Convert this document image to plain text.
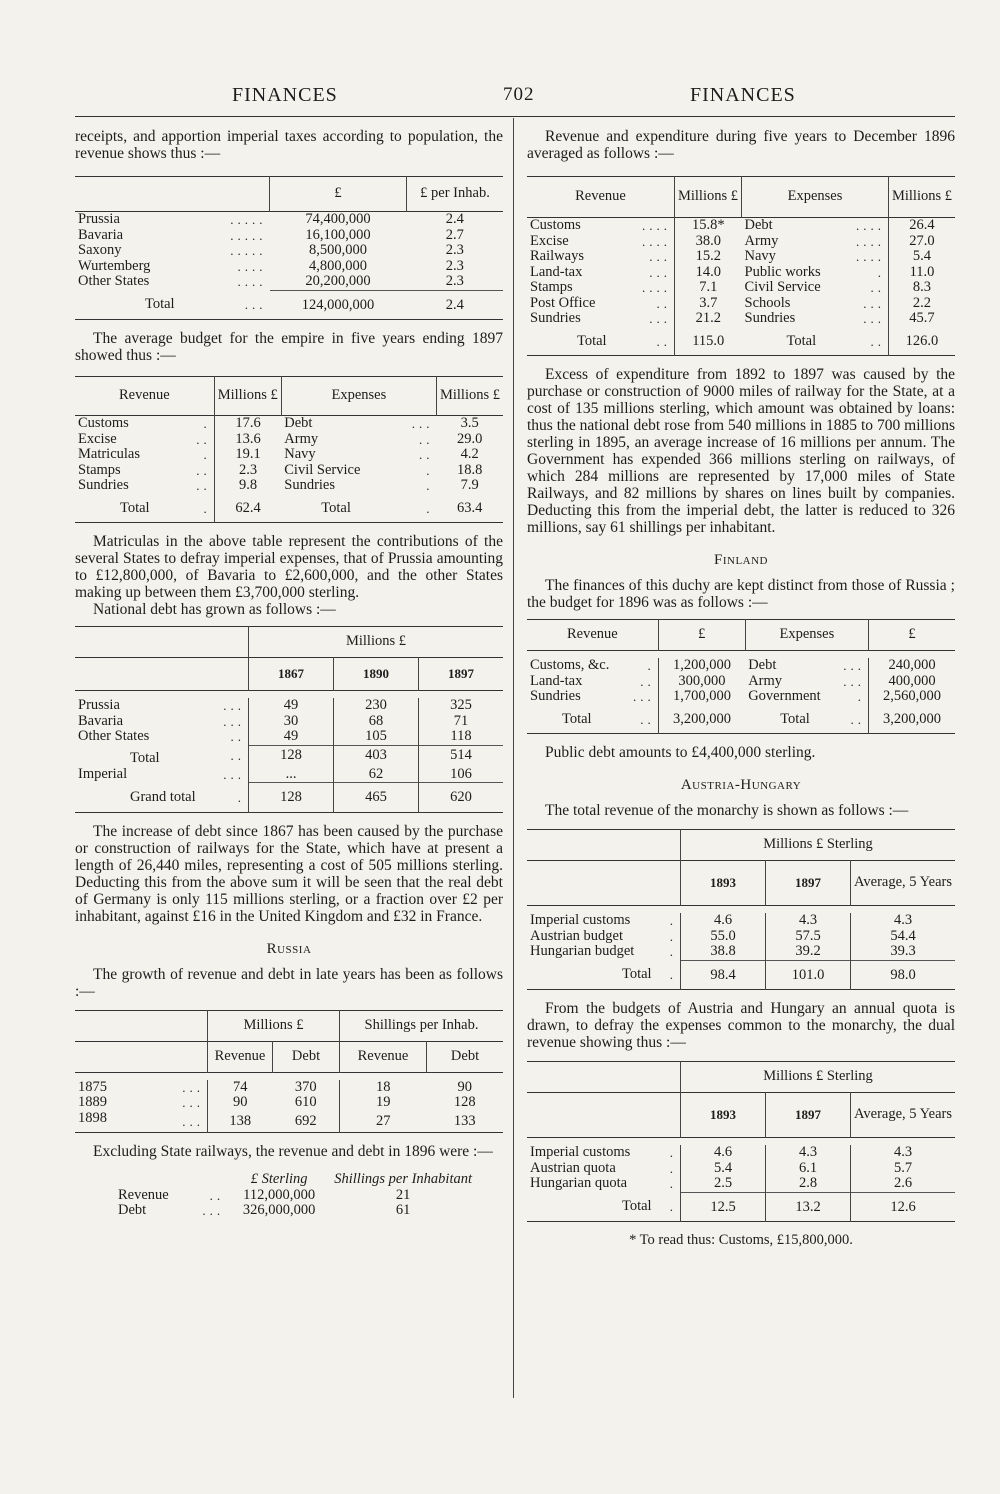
FINANCES	702	FINANCES

receipts, and apportion imperial taxes according to population, the revenue shows thus :—

		£	£ per Inhab.
Prussia	.....	74,400,000	2.4
Bavaria	.....	16,100,000	2.7
Saxony	.....	8,500,000	2.3
Wurtemberg	....	4,800,000	2.3
Other States	....	20,200,000	2.3
Total	...	124,000,000	2.4

The average budget for the empire in five years ending 1897 showed thus :—

Revenue		Millions £	Expenses		Millions £
Customs	.	17.6	Debt	...	3.5
Excise	..	13.6	Army	..	29.0
Matriculas	.	19.1	Navy	..	4.2
Stamps	..	2.3	Civil Service	.	18.8
Sundries	..	9.8	Sundries	.	7.9
Total	.	62.4	Total	.	63.4

Matriculas in the above table represent the contributions of the several States to defray imperial expenses, that of Prussia amounting to £12,800,000, of Bavaria to £2,600,000, and the other States making up between them £3,700,000 sterling.

National debt has grown as follows :—

		Millions £		
		1867	1890	1897

Prussia	...	49	230	325
Bavaria	...	30	68	71
Other States	..	49	105	118
Total	..	128	403	514
Imperial	...	...	62	106
Grand total	.	128	465	620

The increase of debt since 1867 has been caused by the purchase or construction of railways for the State, which have at present a length of 26,440 miles, representing a cost of 505 millions sterling. Deducting this from the above sum it will be seen that the real debt of Germany is only 115 millions sterling, or a fraction over £2 per inhabitant, against £16 in the United Kingdom and £32 in France.

Russia

The growth of revenue and debt in late years has been as follows :—

		Millions £		Shillings per Inhab.	
		Revenue	Debt	Revenue	Debt

1875	...	74	370	18	90
1889	...	90	610	19	128
1898	...	138	692	27	133

Excluding State railways, the revenue and debt in 1896 were :—

		£ Sterling	Shillings per Inhabitant
Revenue	..	112,000,000	21
Debt	...	326,000,000	61

Revenue and expenditure during five years to December 1896 averaged as follows :—

Revenue		Millions £	Expenses		Millions £
Customs	....	15.8*	Debt	....	26.4
Excise	....	38.0	Army	....	27.0
Railways	...	15.2	Navy	....	5.4
Land-tax	...	14.0	Public works	.	11.0
Stamps	....	7.1	Civil Service	..	8.3
Post Office	..	3.7	Schools	...	2.2
Sundries	...	21.2	Sundries	...	45.7
Total	..	115.0	Total	..	126.0

Excess of expenditure from 1892 to 1897 was caused by the purchase or construction of 9000 miles of railway for the State, at a cost of 135 millions sterling, which amount was obtained by loans: thus the national debt rose from 540 millions in 1885 to 700 millions sterling in 1895, an average increase of 16 millions per annum. The Government has expended 366 millions sterling on railways, of which 284 millions are represented by 17,000 miles of State Railways, and 82 millions by shares on lines built by companies. Deducting this from the imperial debt, the latter is reduced to 326 millions, say 61 shillings per inhabitant.

Finland

The finances of this duchy are kept distinct from those of Russia ; the budget for 1896 was as follows :—

Revenue		£	Expenses		£

Customs, &c.	.	1,200,000	Debt	...	240,000
Land-tax	..	300,000	Army	...	400,000
Sundries	...	1,700,000	Government	.	2,560,000
Total	..	3,200,000	Total	..	3,200,000

Public debt amounts to £4,400,000 sterling.

Austria-Hungary

The total revenue of the monarchy is shown as follows :—

		Millions £ Sterling		
		1893	1897	Average, 5 Years

Imperial customs	.	4.6	4.3	4.3
Austrian budget	.	55.0	57.5	54.4
Hungarian budget	.	38.8	39.2	39.3
Total	.	98.4	101.0	98.0

From the budgets of Austria and Hungary an annual quota is drawn, to defray the expenses common to the monarchy, the dual revenue showing thus :—

		Millions £ Sterling		
		1893	1897	Average, 5 Years

Imperial customs	.	4.6	4.3	4.3
Austrian quota	.	5.4	6.1	5.7
Hungarian quota	.	2.5	2.8	2.6
Total	.	12.5	13.2	12.6
* To read thus: Customs, £15,800,000.
